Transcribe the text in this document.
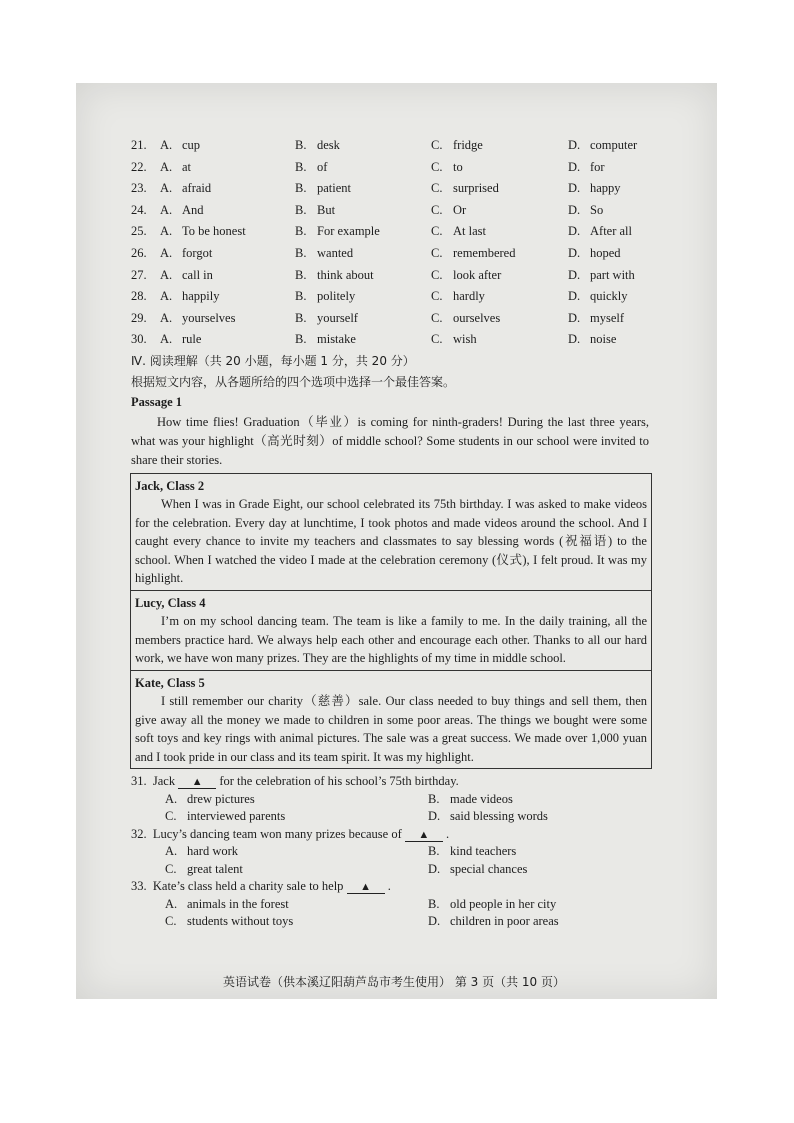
21. A. cup	B. desk	C. fridge	D. computer
22. A. at	B. of	C. to	D. for
23. A. afraid	B. patient	C. surprised	D. happy
24. A. And	B. But	C. Or	D. So
25. A. To be honest	B. For example	C. At last	D. After all
26. A. forgot	B. wanted	C. remembered	D. hoped
27. A. call in	B. think about	C. look after	D. part with
28. A. happily	B. politely	C. hardly	D. quickly
29. A. yourselves	B. yourself	C. ourselves	D. myself
30. A. rule	B. mistake	C. wish	D. noise
Ⅳ. 阅读理解（共 20 小题，每小题 1 分，共 20 分）
根据短文内容，从各题所给的四个选项中选择一个最佳答案。
Passage 1
How time flies! Graduation（毕业）is coming for ninth-graders! During the last three years, what was your highlight（高光时刻）of middle school? Some students in our school were invited to share their stories.
Jack, Class 2
When I was in Grade Eight, our school celebrated its 75th birthday. I was asked to make videos for the celebration. Every day at lunchtime, I took photos and made videos around the school. And I caught every chance to invite my teachers and classmates to say blessing words (祝福语) to the school. When I watched the video I made at the celebration ceremony (仪式), I felt proud. It was my highlight.
Lucy, Class 4
I’m on my school dancing team. The team is like a family to me. In the daily training, all the members practice hard. We always help each other and encourage each other. Thanks to all our hard work, we have won many prizes. They are the highlights of my time in middle school.
Kate, Class 5
I still remember our charity（慈善）sale. Our class needed to buy things and sell them, then give away all the money we made to children in some poor areas. The things we bought were some soft toys and key rings with animal pictures. The sale was a great success. We made over 1,000 yuan and I took pride in our class and its team spirit. It was my highlight.
31. Jack ▲ for the celebration of his school’s 75th birthday.
A. drew pictures	B. made videos
C. interviewed parents	D. said blessing words
32. Lucy’s dancing team won many prizes because of ▲ .
A. hard work	B. kind teachers
C. great talent	D. special chances
33. Kate’s class held a charity sale to help ▲ .
A. animals in the forest	B. old people in her city
C. students without toys	D. children in poor areas
英语试卷（供本溪辽阳葫芦岛市考生使用） 第 3 页（共 10 页）
